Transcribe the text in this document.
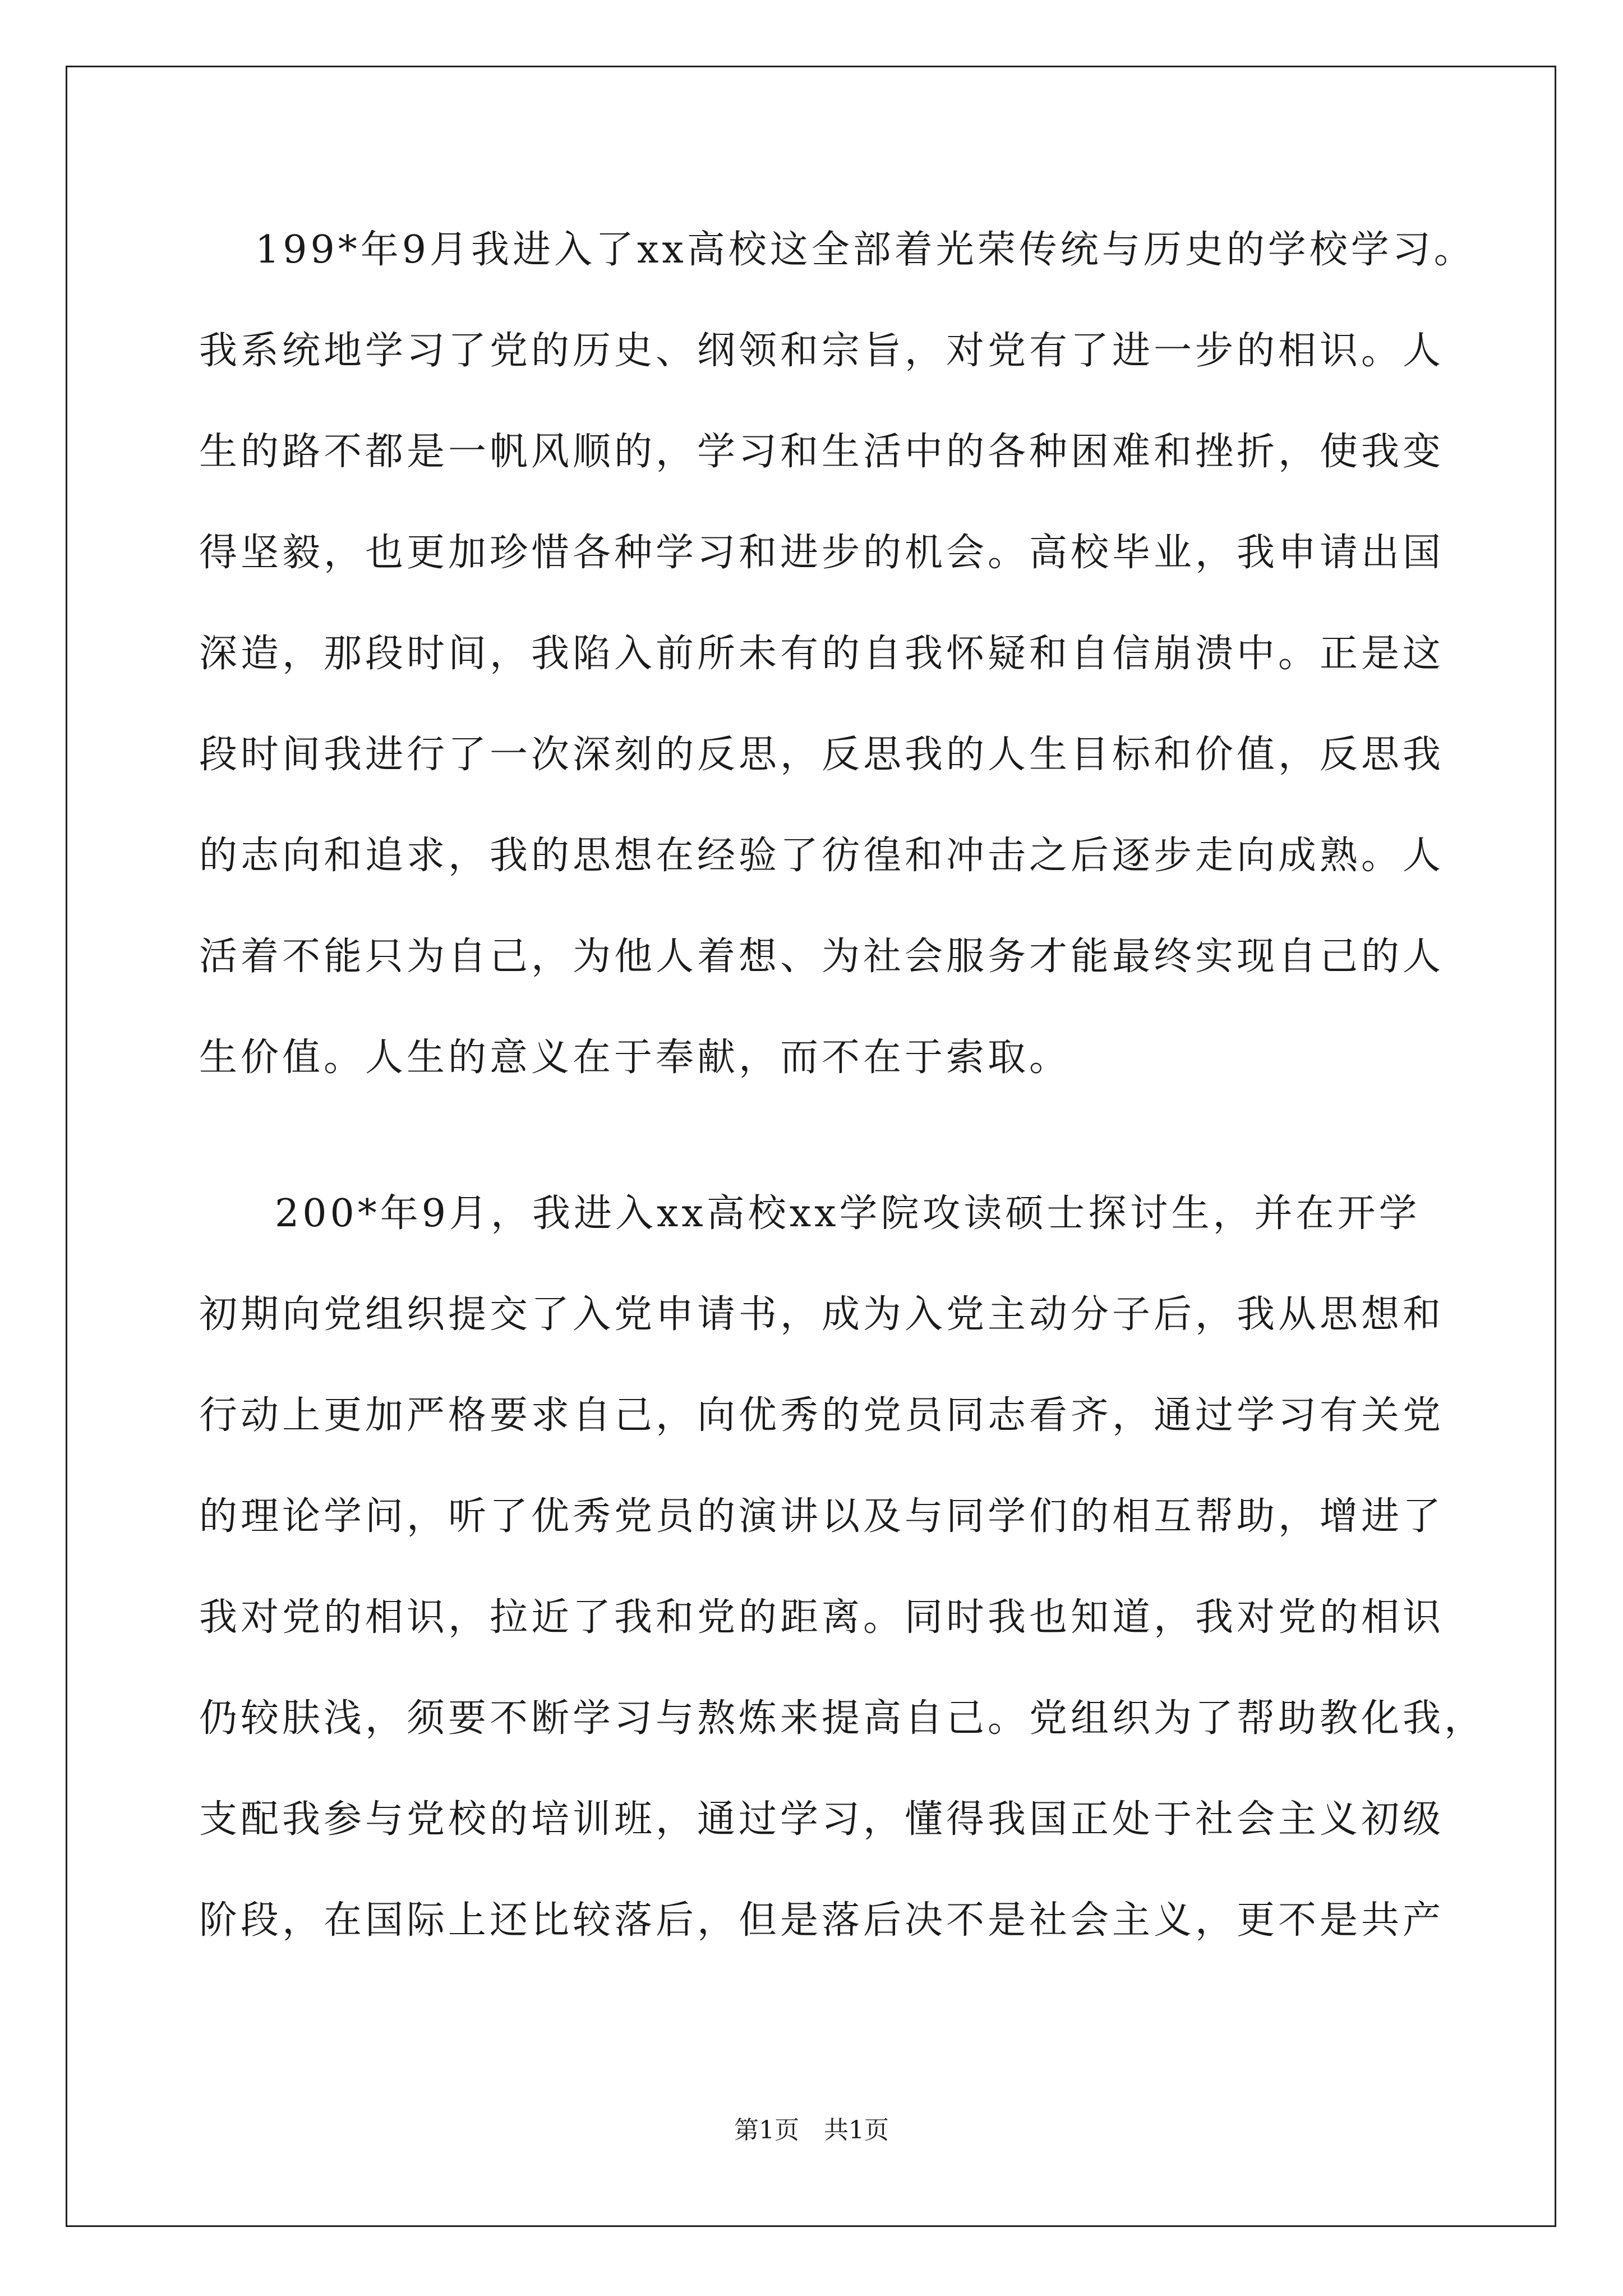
199*年9月我进入了xx高校这全部着光荣传统与历史的学校学习。
我系统地学习了党的历史、纲领和宗旨，对党有了进一步的相识。人
生的路不都是一帆风顺的，学习和生活中的各种困难和挫折，使我变
得坚毅，也更加珍惜各种学习和进步的机会。高校毕业，我申请出国
深造，那段时间，我陷入前所未有的自我怀疑和自信崩溃中。正是这
段时间我进行了一次深刻的反思，反思我的人生目标和价值，反思我
的志向和追求，我的思想在经验了彷徨和冲击之后逐步走向成熟。人
活着不能只为自己，为他人着想、为社会服务才能最终实现自己的人
生价值。人生的意义在于奉献，而不在于索取。
200*年9月，我进入xx高校xx学院攻读硕士探讨生，并在开学
初期向党组织提交了入党申请书，成为入党主动分子后，我从思想和
行动上更加严格要求自己，向优秀的党员同志看齐，通过学习有关党
的理论学问，听了优秀党员的演讲以及与同学们的相互帮助，增进了
我对党的相识，拉近了我和党的距离。同时我也知道，我对党的相识
仍较肤浅，须要不断学习与熬炼来提高自己。党组织为了帮助教化我，
支配我参与党校的培训班，通过学习，懂得我国正处于社会主义初级
阶段，在国际上还比较落后，但是落后决不是社会主义，更不是共产
第1页　共1页
